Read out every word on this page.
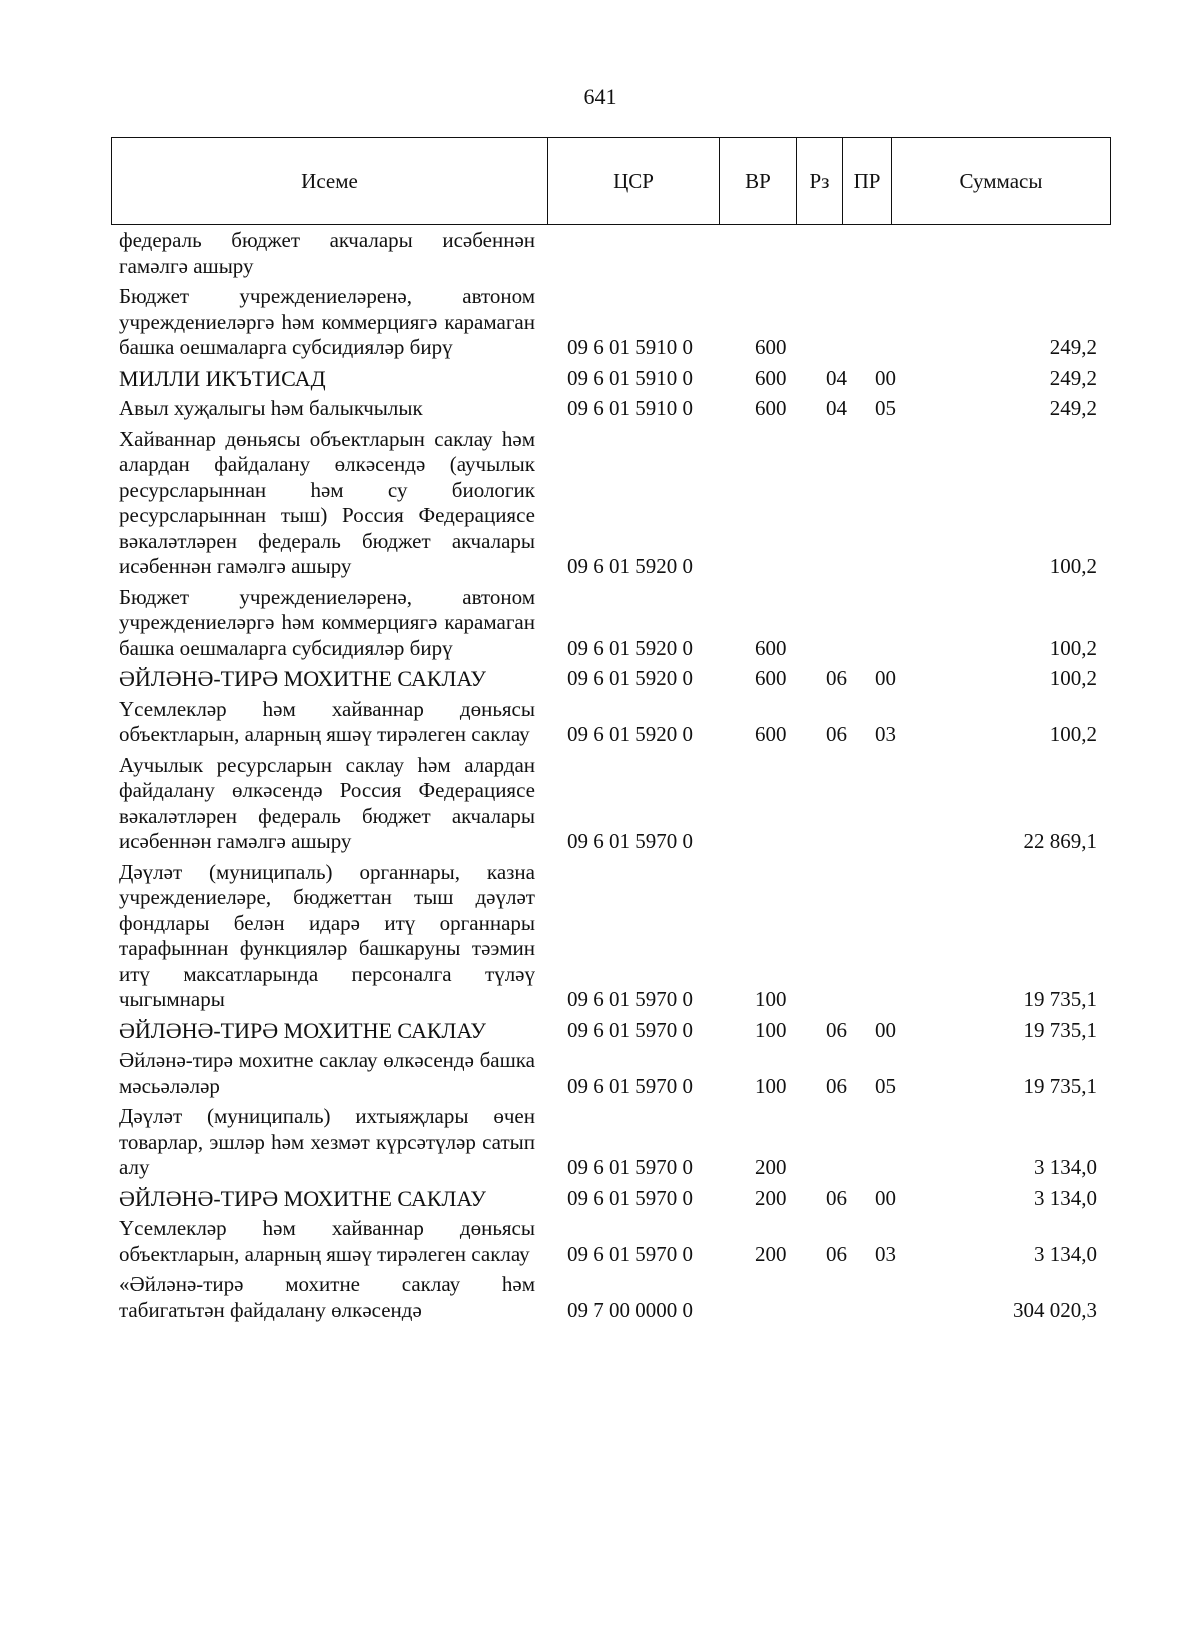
641
Исеме	ЦСР	ВР	Рз	ПР	Суммасы
федераль бюджет акчалары исәбеннән гамәлгә ашыру					
Бюджет учреждениеләренә, автоном учреждениеләргә һәм коммерциягә карамаган башка оешмаларга субсидияләр бирү	09 6 01 5910 0	600			249,2
МИЛЛИ ИКЪТИСАД	09 6 01 5910 0	600	04	00	249,2
Авыл хуҗалыгы һәм балыкчылык	09 6 01 5910 0	600	04	05	249,2
Хайваннар дөньясы объектларын саклау һәм алардан файдалану өлкәсендә (аучылык ресурсларыннан һәм су биологик ресурсларыннан тыш) Россия Федерациясе вәкаләтләрен федераль бюджет акчалары исәбеннән гамәлгә ашыру	09 6 01 5920 0				100,2
Бюджет учреждениеләренә, автоном учреждениеләргә һәм коммерциягә карамаган башка оешмаларга субсидияләр бирү	09 6 01 5920 0	600			100,2
ӘЙЛӘНӘ-ТИРӘ МОХИТНЕ САКЛАУ	09 6 01 5920 0	600	06	00	100,2
Үсемлекләр һәм хайваннар дөньясы объектларын, аларның яшәү тирәлеген саклау	09 6 01 5920 0	600	06	03	100,2
Аучылык ресурсларын саклау һәм алардан файдалану өлкәсендә Россия Федерациясе вәкаләтләрен федераль бюджет акчалары исәбеннән гамәлгә ашыру	09 6 01 5970 0				22 869,1
Дәүләт (муниципаль) органнары, казна учреждениеләре, бюджеттан тыш дәүләт фондлары белән идарә итү органнары тарафыннан функцияләр башкаруны тәэмин итү максатларында персоналга түләү чыгымнары	09 6 01 5970 0	100			19 735,1
ӘЙЛӘНӘ-ТИРӘ МОХИТНЕ САКЛАУ	09 6 01 5970 0	100	06	00	19 735,1
Әйләнә-тирә мохитне саклау өлкәсендә башка мәсьәләләр	09 6 01 5970 0	100	06	05	19 735,1
Дәүләт (муниципаль) ихтыяҗлары өчен товарлар, эшләр һәм хезмәт күрсәтүләр сатып алу	09 6 01 5970 0	200			3 134,0
ӘЙЛӘНӘ-ТИРӘ МОХИТНЕ САКЛАУ	09 6 01 5970 0	200	06	00	3 134,0
Үсемлекләр һәм хайваннар дөньясы объектларын, аларның яшәү тирәлеген саклау	09 6 01 5970 0	200	06	03	3 134,0
«Әйләнә-тирә мохитне саклау һәм табигатьтән файдалану өлкәсендә	09 7 00 0000 0				304 020,3
